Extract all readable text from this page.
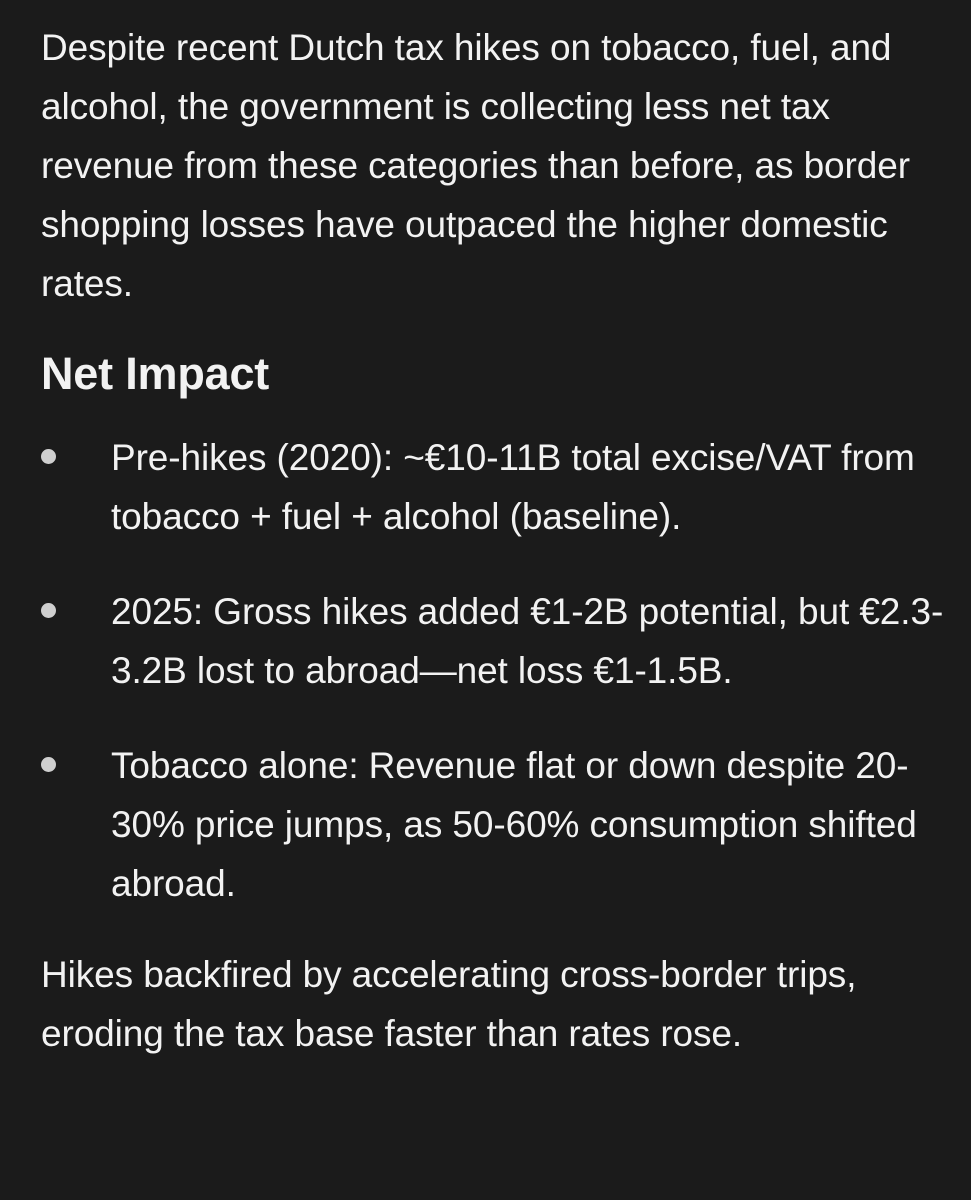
Despite recent Dutch tax hikes on tobacco, fuel, and alcohol, the government is collecting less net tax revenue from these categories than before, as border shopping losses have outpaced the higher domestic rates.

Net Impact
Pre-hikes (2020): ~€10-11B total excise/VAT from tobacco + fuel + alcohol (baseline).
2025: Gross hikes added €1-2B potential, but €2.3-3.2B lost to abroad—net loss €1-1.5B.
Tobacco alone: Revenue flat or down despite 20-30% price jumps, as 50-60% consumption shifted abroad.

Hikes backfired by accelerating cross-border trips, eroding the tax base faster than rates rose.
